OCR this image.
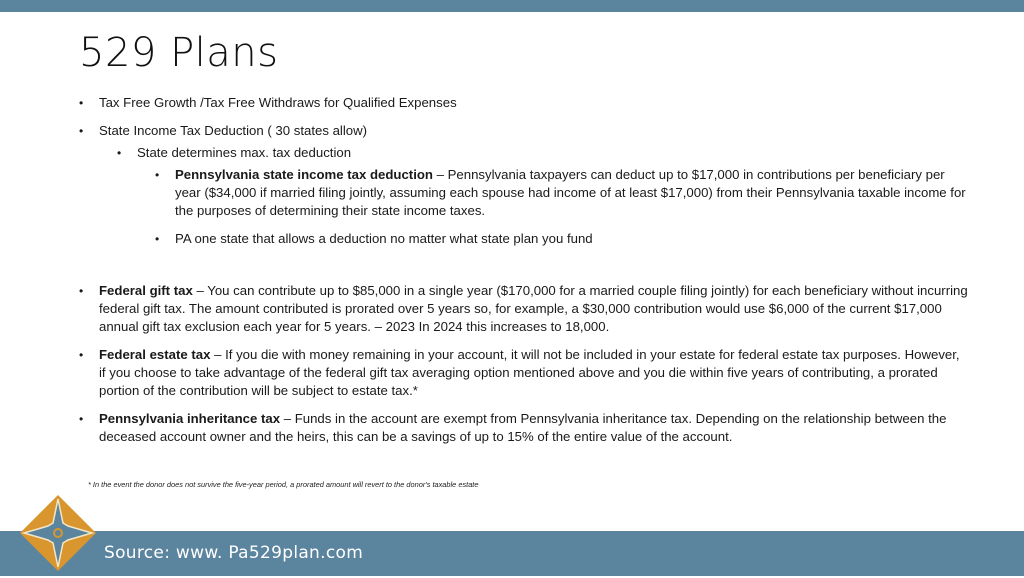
529 Plans

• Tax Free Growth /Tax Free Withdraws for Qualified Expenses

• State Income Tax Deduction ( 30 states allow)

• State determines max. tax deduction

• Pennsylvania state income tax deduction – Pennsylvania taxpayers can deduct up to $17,000 in contributions per beneficiary per year ($34,000 if married filing jointly, assuming each spouse had income of at least $17,000) from their Pennsylvania taxable income for the purposes of determining their state income taxes.

• PA one state that allows a deduction no matter what state plan you fund

• Federal gift tax – You can contribute up to $85,000 in a single year ($170,000 for a married couple filing jointly) for each beneficiary without incurring federal gift tax. The amount contributed is prorated over 5 years so, for example, a $30,000 contribution would use $6,000 of the current $17,000 annual gift tax exclusion each year for 5 years. – 2023 In 2024 this increases to 18,000.

• Federal estate tax – If you die with money remaining in your account, it will not be included in your estate for federal estate tax purposes. However, if you choose to take advantage of the federal gift tax averaging option mentioned above and you die within five years of contributing, a prorated portion of the contribution will be subject to estate tax.*

• Pennsylvania inheritance tax – Funds in the account are exempt from Pennsylvania inheritance tax. Depending on the relationship between the deceased account owner and the heirs, this can be a savings of up to 15% of the entire value of the account.

* In the event the donor does not survive the five-year period, a prorated amount will revert to the donor's taxable estate
Source: www. Pa529plan.com
